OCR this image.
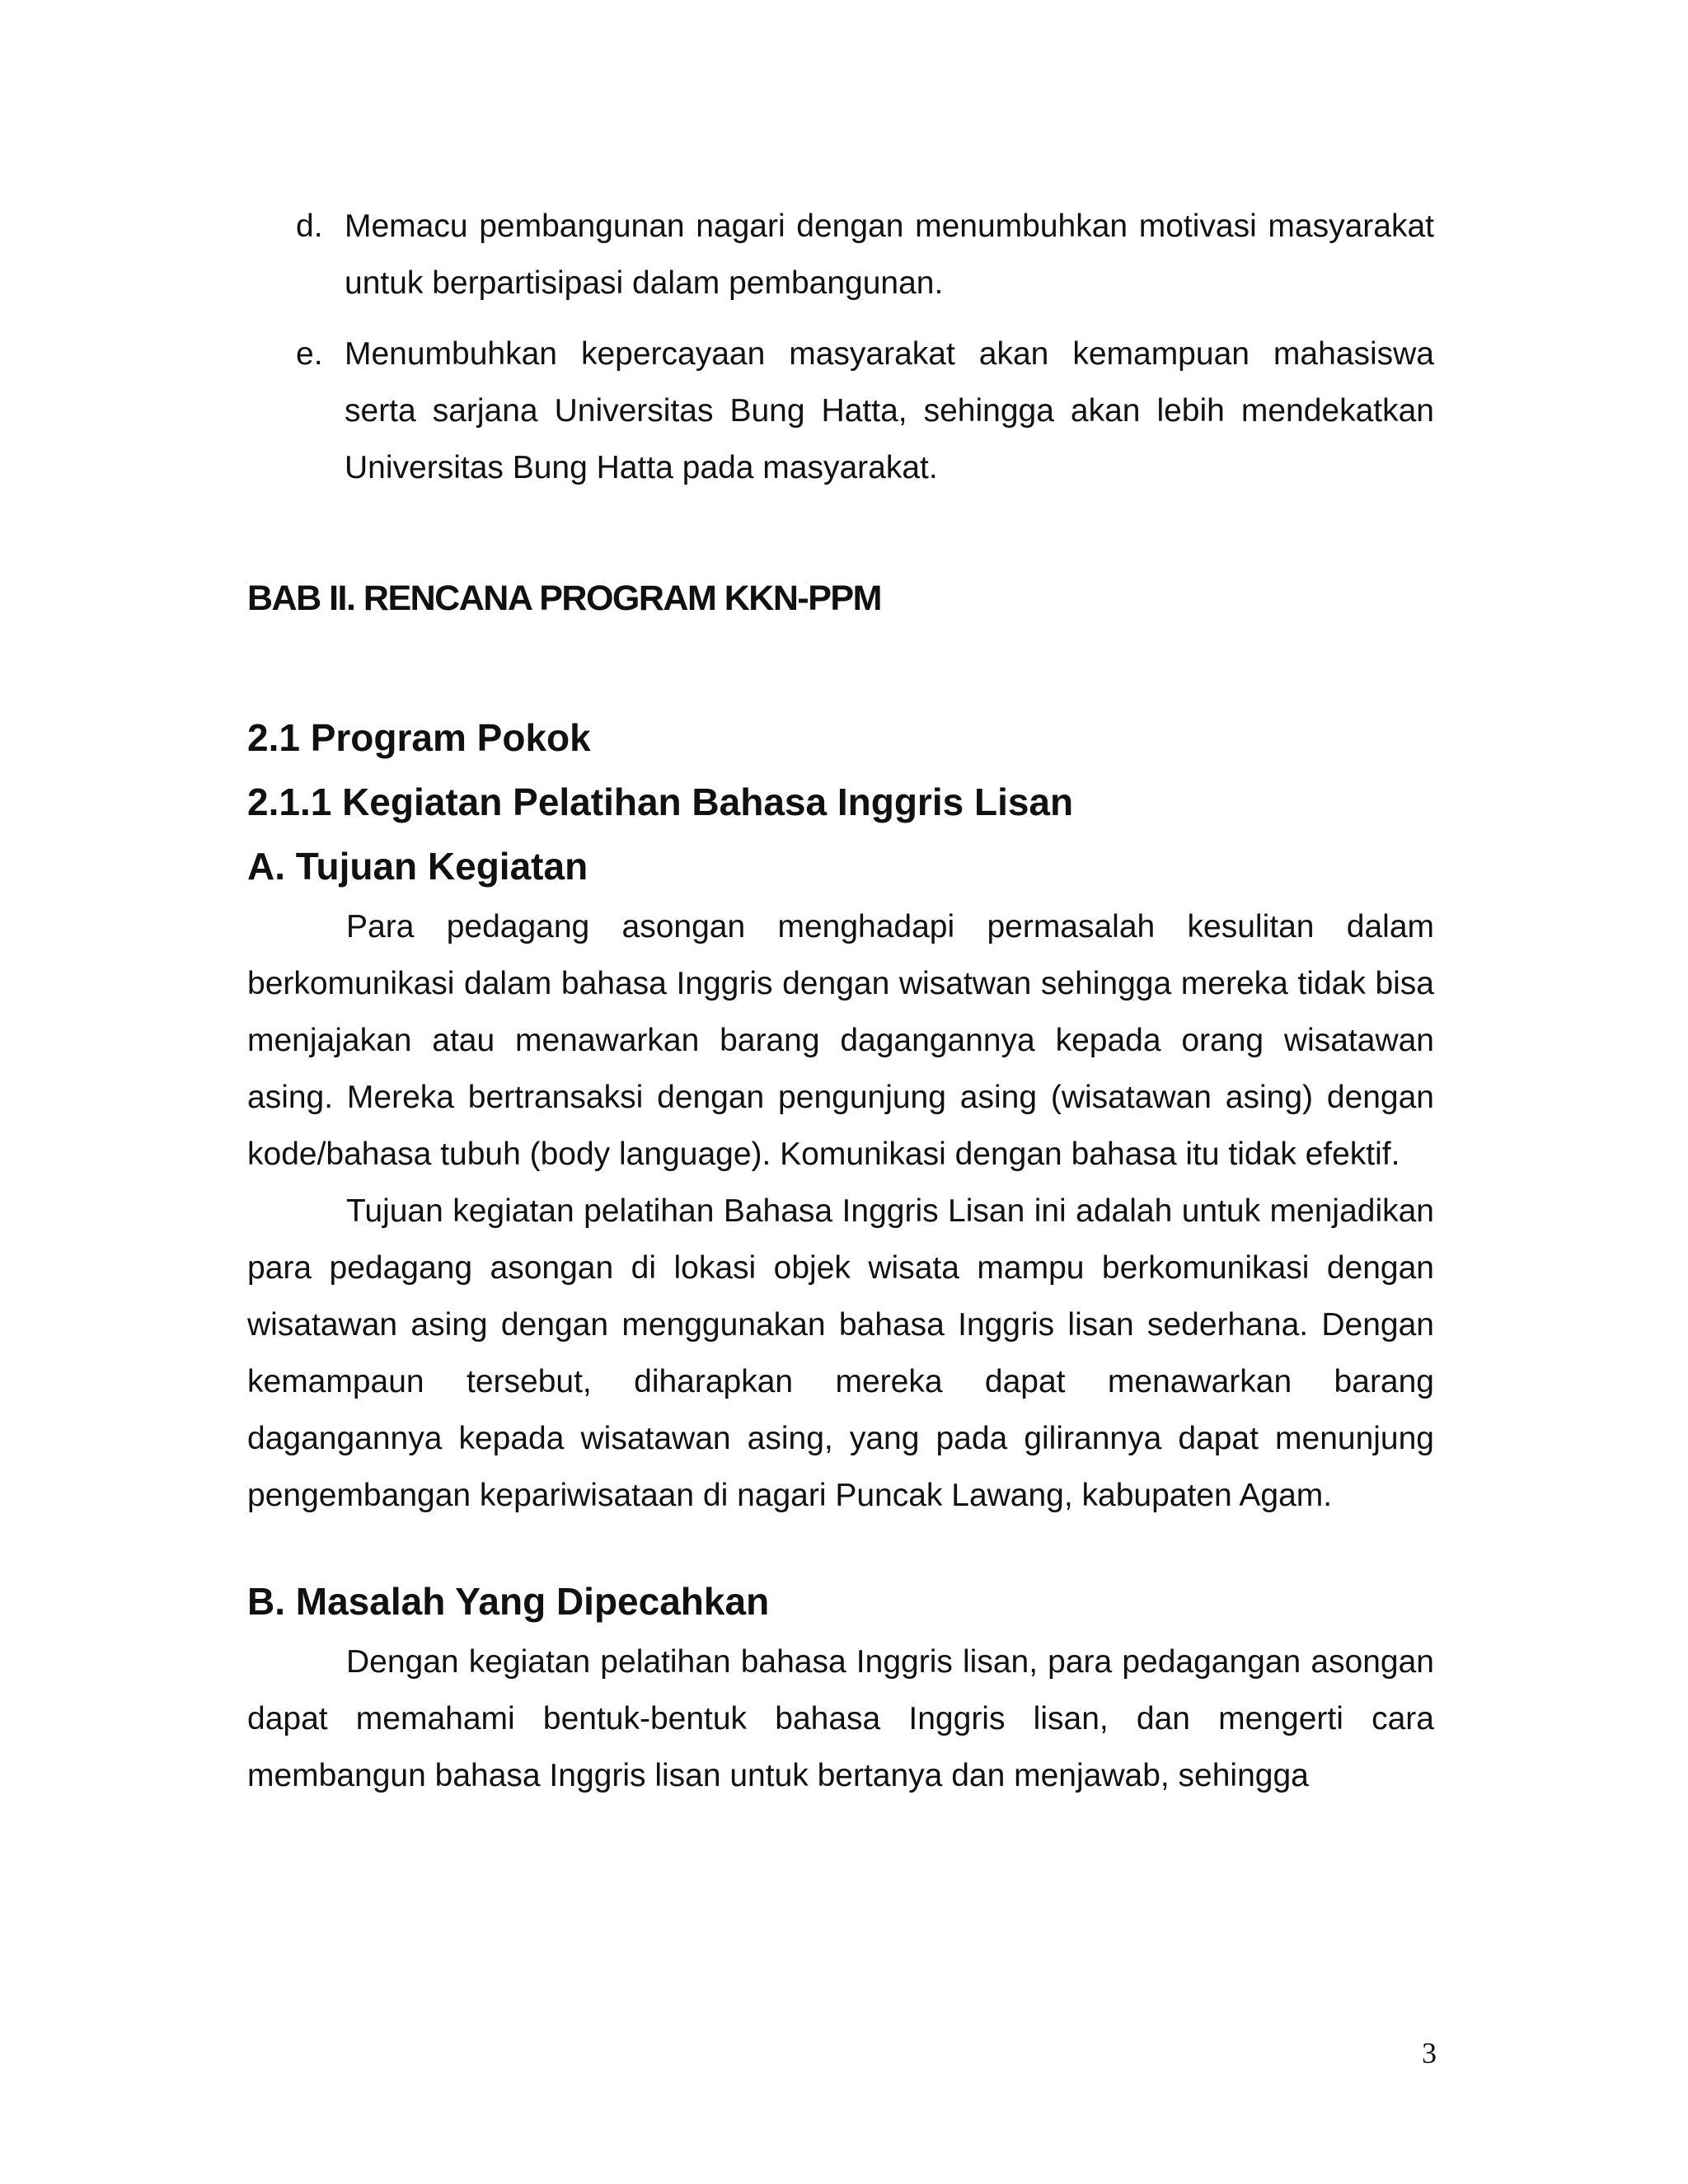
d. Memacu pembangunan nagari dengan menumbuhkan motivasi masyarakat untuk berpartisipasi dalam pembangunan.
e. Menumbuhkan kepercayaan masyarakat akan kemampuan mahasiswa serta sarjana Universitas Bung Hatta, sehingga akan lebih mendekatkan Universitas Bung Hatta pada masyarakat.
BAB II. RENCANA PROGRAM KKN-PPM
2.1 Program Pokok
2.1.1 Kegiatan Pelatihan Bahasa Inggris Lisan
A. Tujuan Kegiatan

Para pedagang asongan menghadapi permasalah kesulitan dalam berkomunikasi dalam bahasa Inggris dengan wisatwan sehingga mereka tidak bisa menjajakan atau menawarkan barang dagangannya kepada orang wisatawan asing. Mereka bertransaksi dengan pengunjung asing (wisatawan asing) dengan kode/bahasa tubuh (body language). Komunikasi dengan bahasa itu tidak efektif.

Tujuan kegiatan pelatihan Bahasa Inggris Lisan ini adalah untuk menjadikan para pedagang asongan di lokasi objek wisata mampu berkomunikasi dengan wisatawan asing dengan menggunakan bahasa Inggris lisan sederhana. Dengan kemampaun tersebut, diharapkan mereka dapat menawarkan barang dagangannya kepada wisatawan asing, yang pada gilirannya dapat menunjung pengembangan kepariwisataan di nagari Puncak Lawang, kabupaten Agam.

B. Masalah Yang Dipecahkan

Dengan kegiatan pelatihan bahasa Inggris lisan, para pedagangan asongan dapat memahami bentuk-bentuk bahasa Inggris lisan, dan mengerti cara membangun bahasa Inggris lisan untuk bertanya dan menjawab, sehingga

3
